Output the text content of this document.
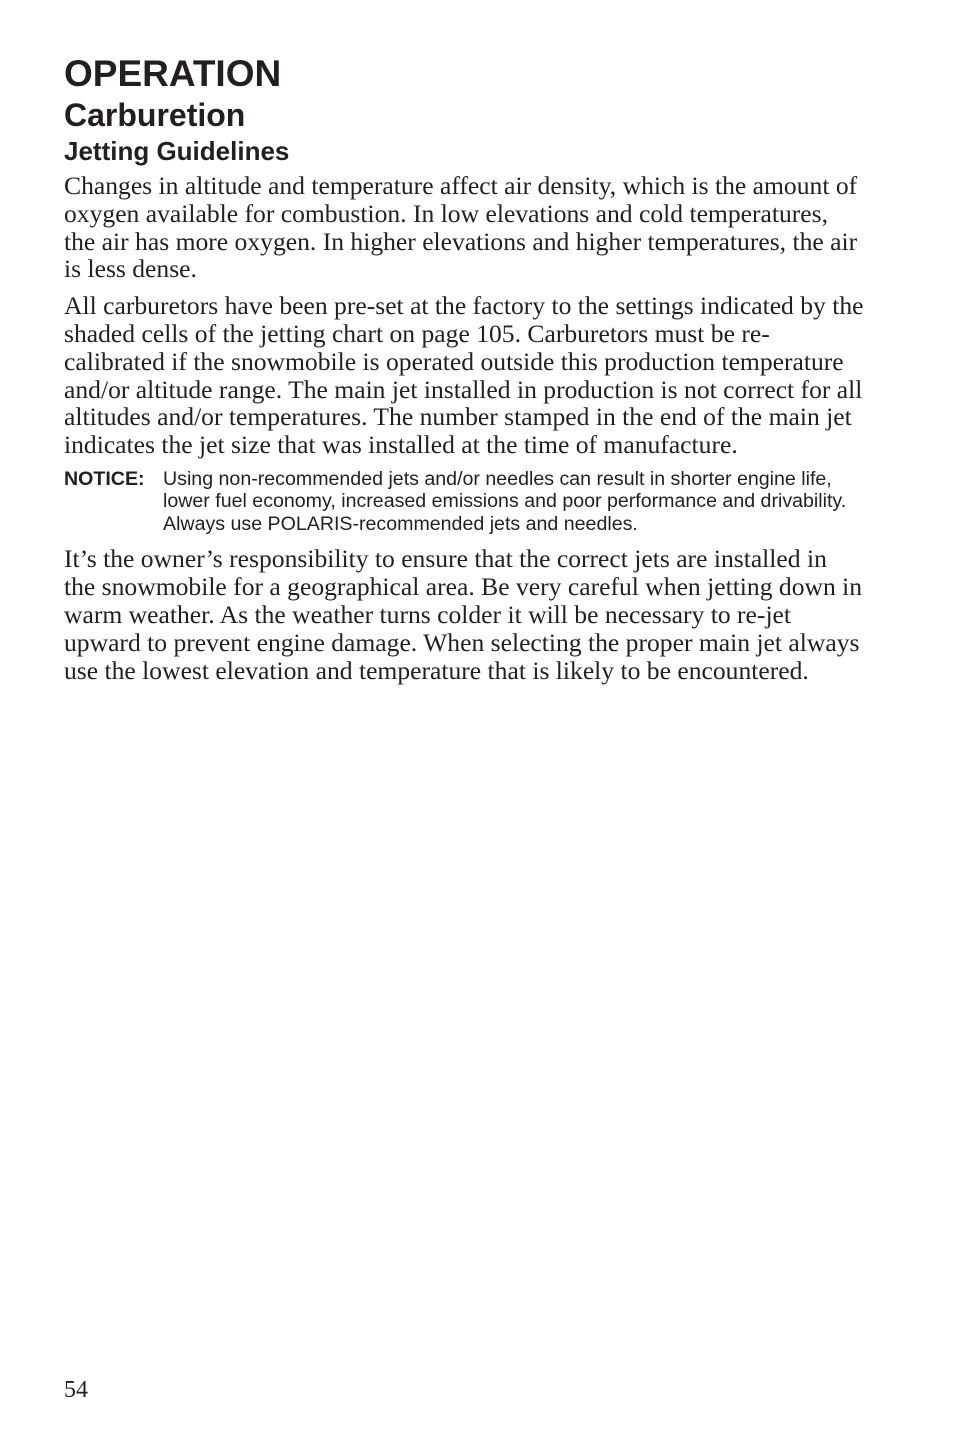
OPERATION
Carburetion
Jetting Guidelines

Changes in altitude and temperature affect air density, which is the amount of oxygen available for combustion. In low elevations and cold temperatures, the air has more oxygen. In higher elevations and higher temperatures, the air is less dense.

All carburetors have been pre-set at the factory to the settings indicated by the shaded cells of the jetting chart on page 105. Carburetors must be re-calibrated if the snowmobile is operated outside this production temperature and/or altitude range. The main jet installed in production is not correct for all altitudes and/or temperatures. The number stamped in the end of the main jet indicates the jet size that was installed at the time of manufacture.

NOTICE: Using non-recommended jets and/or needles can result in shorter engine life, lower fuel economy, increased emissions and poor performance and drivability. Always use POLARIS-recommended jets and needles.

It’s the owner’s responsibility to ensure that the correct jets are installed in the snowmobile for a geographical area. Be very careful when jetting down in warm weather. As the weather turns colder it will be necessary to re-jet upward to prevent engine damage. When selecting the proper main jet always use the lowest elevation and temperature that is likely to be encountered.

54
